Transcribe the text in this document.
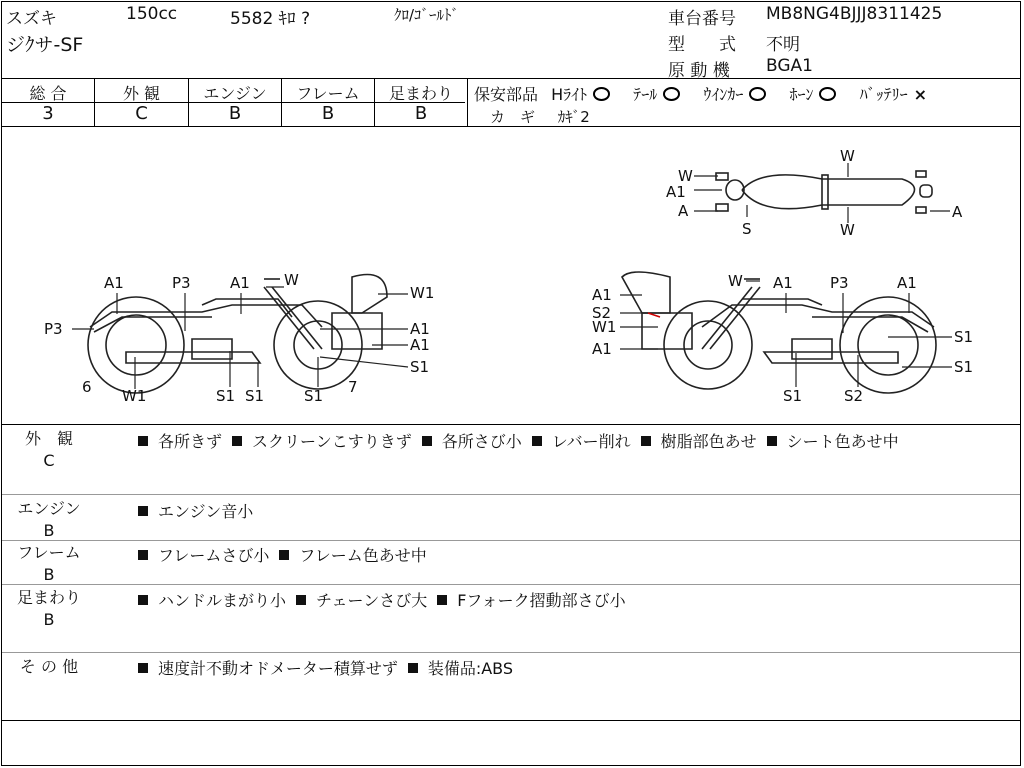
スズキ	150cc	5582 ｷﾛ ?	ｸﾛ/ｺﾞｰﾙﾄﾞ
ジｸサ-SF
車台番号 MB8NG4BJJJ8311425
型　　式 不明
原 動 機 BGA1
総 合	外 観	エンジン	フレーム	足まわり
3	C	B	B	B
保安部品 Hﾗｲﾄ	ﾃｰﾙ	ｳｲﾝｶｰ	ﾎｰﾝ	ﾊﾞｯﾃﾘｰ ×
カ　ギ ｶｷﾞ2
W
A1
A
S
W
W
A
A1	P3	A1 W
W1
P3	A1
A1
S1
6 W1	S1 S1	S1 7
W A1 P3	A1
A1
S2
W1
A1
S1
S1
S1	S2
外　観
C
各所きず スクリーンこすりきず 各所さび小 レバー削れ 樹脂部色あせ シート色あせ中
エンジン
B
エンジン音小
フレーム
B
フレームさび小 フレーム色あせ中
足まわり
B
ハンドルまがり小 チェーンさび大 Fフォーク摺動部さび小
そ の 他	速度計不動オドメーター積算せず 装備品:ABS
